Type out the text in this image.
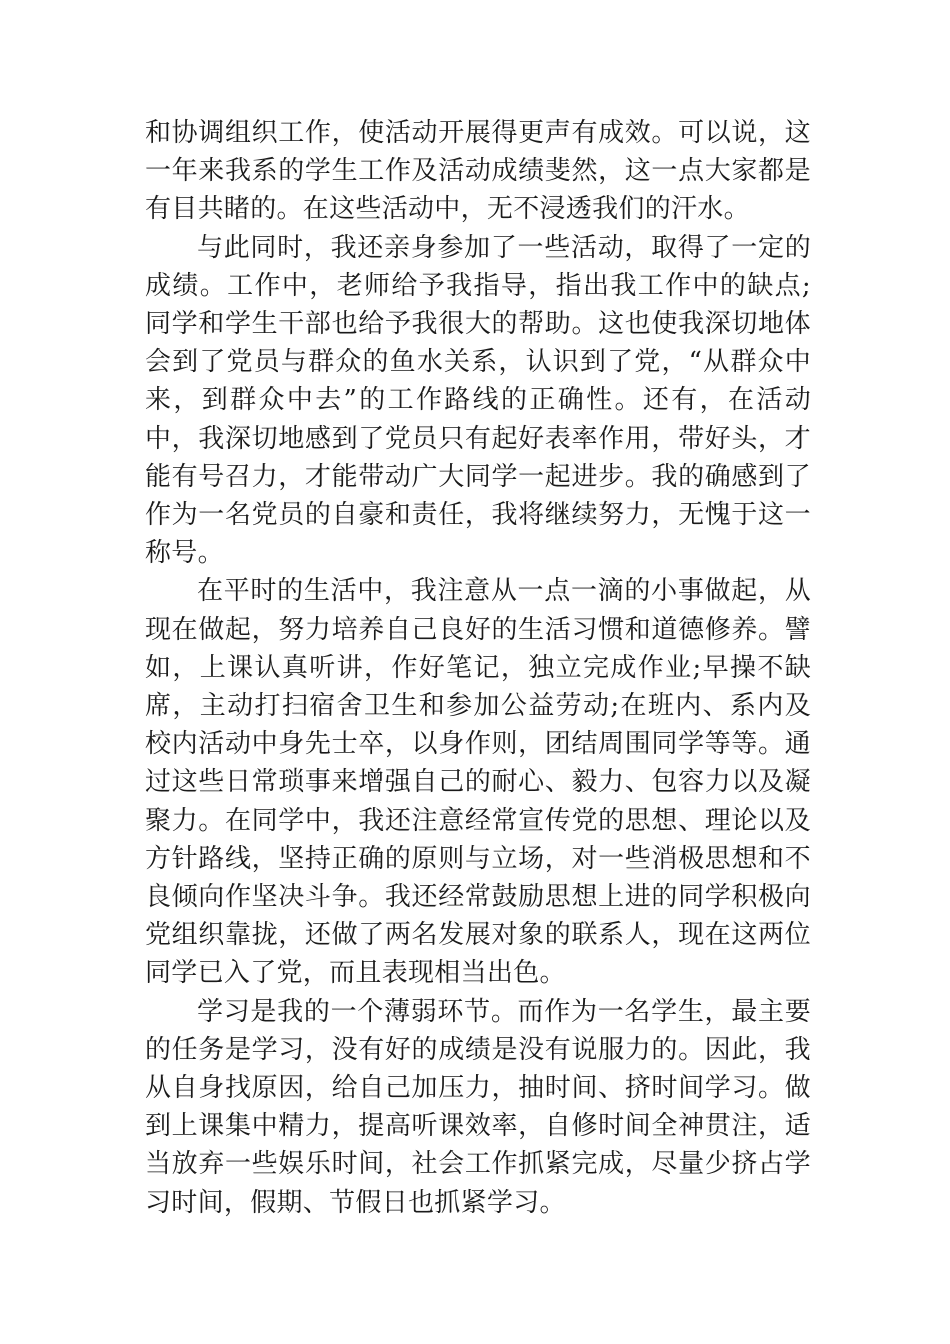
和协调组织工作，使活动开展得更声有成效。可以说，这一年来我系的学生工作及活动成绩斐然，这一点大家都是有目共睹的。在这些活动中，无不浸透我们的汗水。

与此同时，我还亲身参加了一些活动，取得了一定的成绩。工作中，老师给予我指导，指出我工作中的缺点;同学和学生干部也给予我很大的帮助。这也使我深切地体会到了党员与群众的鱼水关系，认识到了党，“从群众中来，到群众中去”的工作路线的正确性。还有，在活动中，我深切地感到了党员只有起好表率作用，带好头，才能有号召力，才能带动广大同学一起进步。我的确感到了作为一名党员的自豪和责任，我将继续努力，无愧于这一称号。

在平时的生活中，我注意从一点一滴的小事做起，从现在做起，努力培养自己良好的生活习惯和道德修养。譬如，上课认真听讲，作好笔记，独立完成作业;早操不缺席，主动打扫宿舍卫生和参加公益劳动;在班内、系内及校内活动中身先士卒，以身作则，团结周围同学等等。通过这些日常琐事来增强自己的耐心、毅力、包容力以及凝聚力。在同学中，我还注意经常宣传党的思想、理论以及方针路线，坚持正确的原则与立场，对一些消极思想和不良倾向作坚决斗争。我还经常鼓励思想上进的同学积极向党组织靠拢，还做了两名发展对象的联系人，现在这两位同学已入了党，而且表现相当出色。

学习是我的一个薄弱环节。而作为一名学生，最主要的任务是学习，没有好的成绩是没有说服力的。因此，我从自身找原因，给自己加压力，抽时间、挤时间学习。做到上课集中精力，提高听课效率，自修时间全神贯注，适当放弃一些娱乐时间，社会工作抓紧完成，尽量少挤占学习时间，假期、节假日也抓紧学习。
